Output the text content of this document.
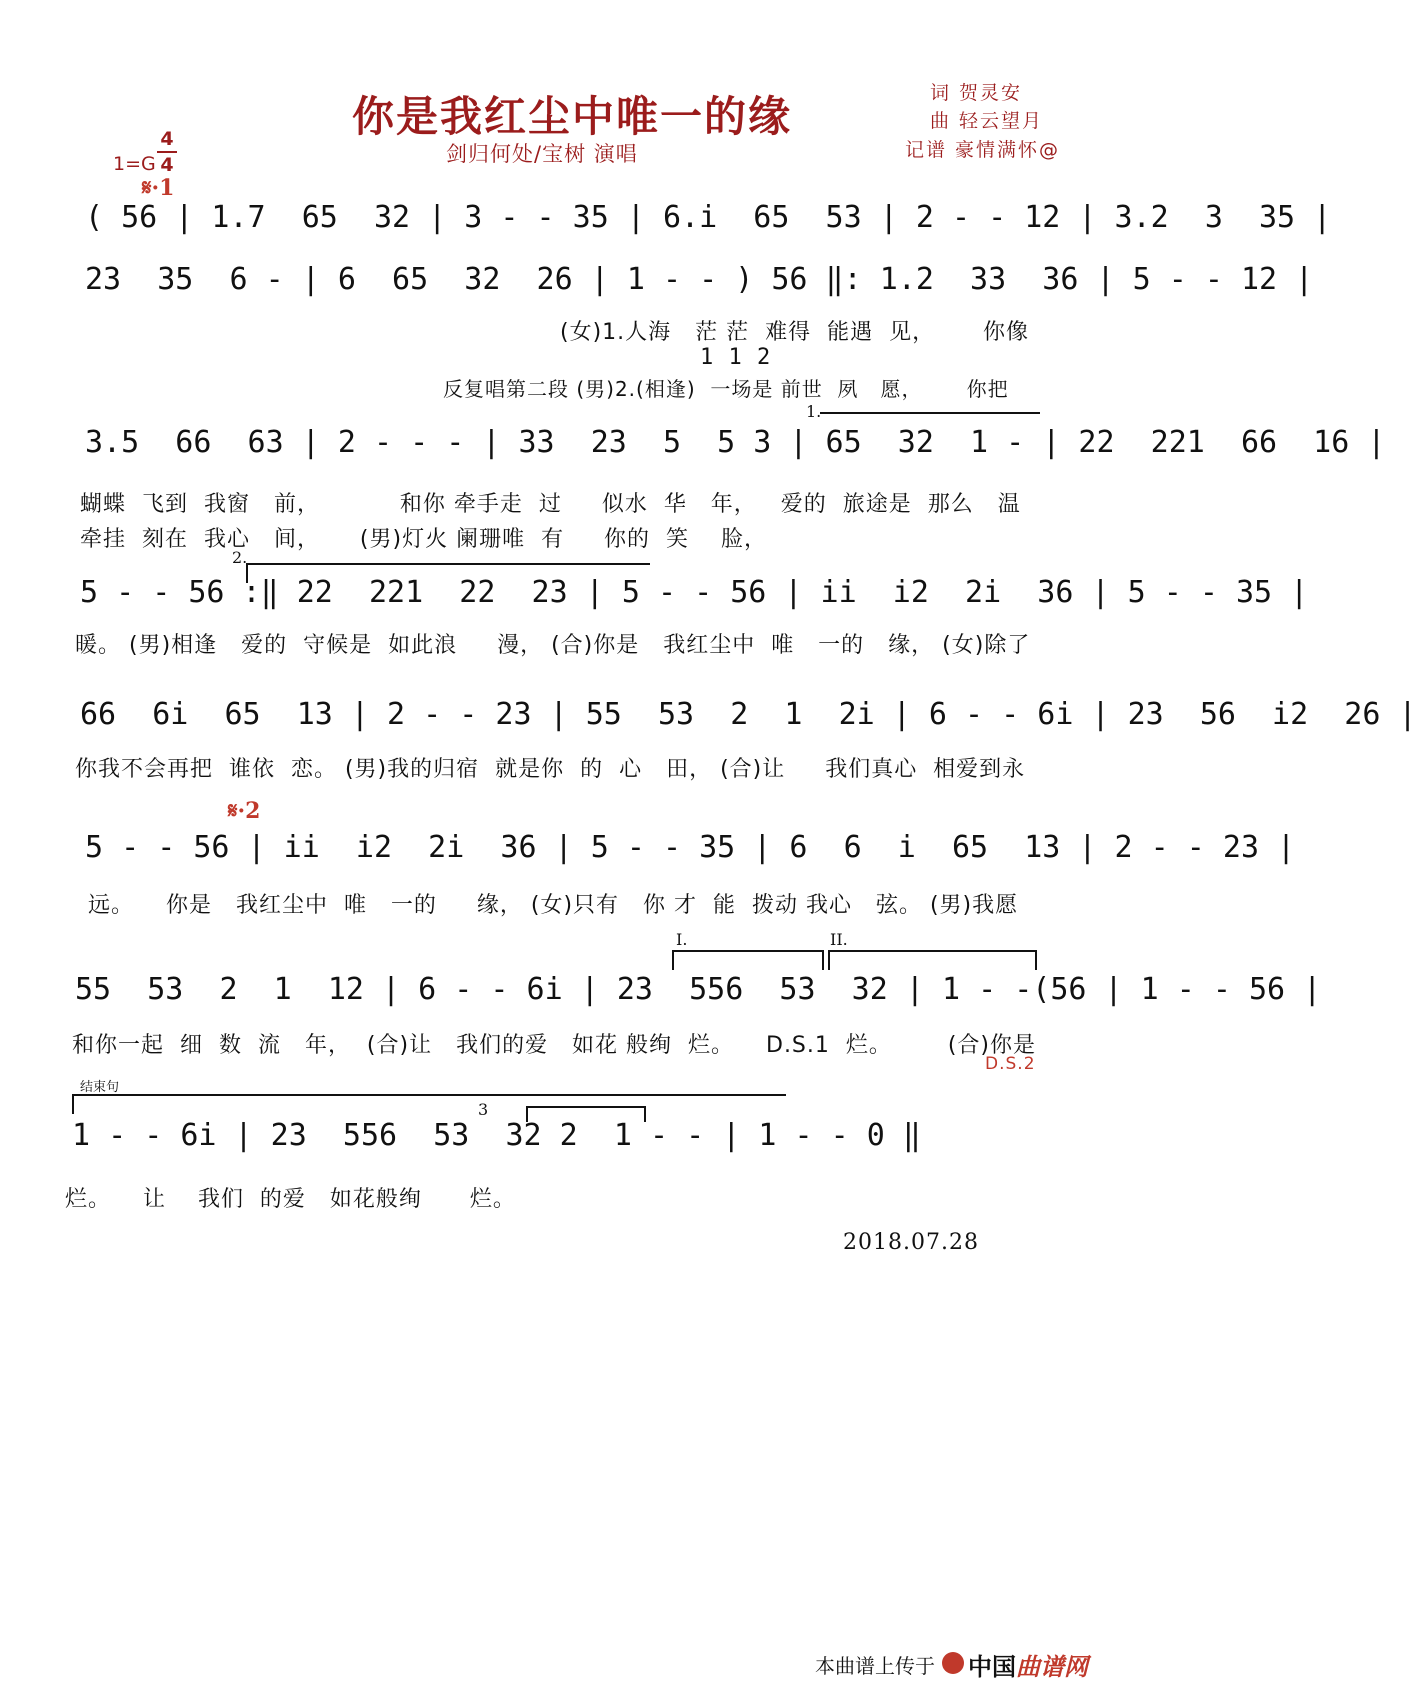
你是我红尘中唯一的缘
剑归何处/宝树 演唱
词 贺灵安
曲 轻云望月
记谱 豪情满怀@
1=G
4
4
𝄋·1
( 56 | 1.7  65  32 | 3 - - 35 | 6.i  65  53 | 2 - - 12 | 3.2  3  35 |
23  35  6 - | 6  65  32  26 | 1 - - ) 56 ‖: 1.2  33  36 | 5 - - 12 |
(女)1.人海   茫 茫  难得  能遇  见，      你像
1 1 2
反复唱第二段 (男)2.(相逢)  一场是 前世  夙   愿，      你把
1.
3.5  66  63 | 2 - - - | 33  23  5  5 3 | 65  32  1 - | 22  221  66  16 |
蝴蝶  飞到  我窗   前，          和你 牵手走  过     似水  华   年，   爱的  旅途是  那么   温
牵挂  刻在  我心   间，     (男)灯火 阑珊唯  有     你的  笑    脸，
2.
5 - - 56 :‖ 22  221  22  23 | 5 - - 56 | ii  i2  2i  36 | 5 - - 35 |
暖。 (男)相逢   爱的  守候是  如此浪     漫， (合)你是   我红尘中  唯   一的   缘， (女)除了
66  6i  65  13 | 2 - - 23 | 55  53  2  1  2i | 6 - - 6i | 23  56  i2  26 |
你我不会再把  谁依  恋。 (男)我的归宿  就是你  的  心   田， (合)让     我们真心  相爱到永
𝄋·2
5 - - 56 | ii  i2  2i  36 | 5 - - 35 | 6  6  i  65  13 | 2 - - 23 |
远。    你是   我红尘中  唯   一的     缘， (女)只有   你 才  能  拨动 我心   弦。 (男)我愿
I.	II.
55  53  2  1  12 | 6 - - 6i | 23  556  53  32 | 1 - -(56 | 1 - - 56 |
和你一起  细  数  流   年，  (合)让   我们的爱   如花 般绚  烂。    D.S.1  烂。       (合)你是
D.S.2
结束句
3
1 - - 6i | 23  556  53  32 2  1 - - | 1 - - 0 ‖
烂。    让    我们  的爱   如花般绚      烂。
2018.07.28
本曲谱上传于 中国曲谱网
